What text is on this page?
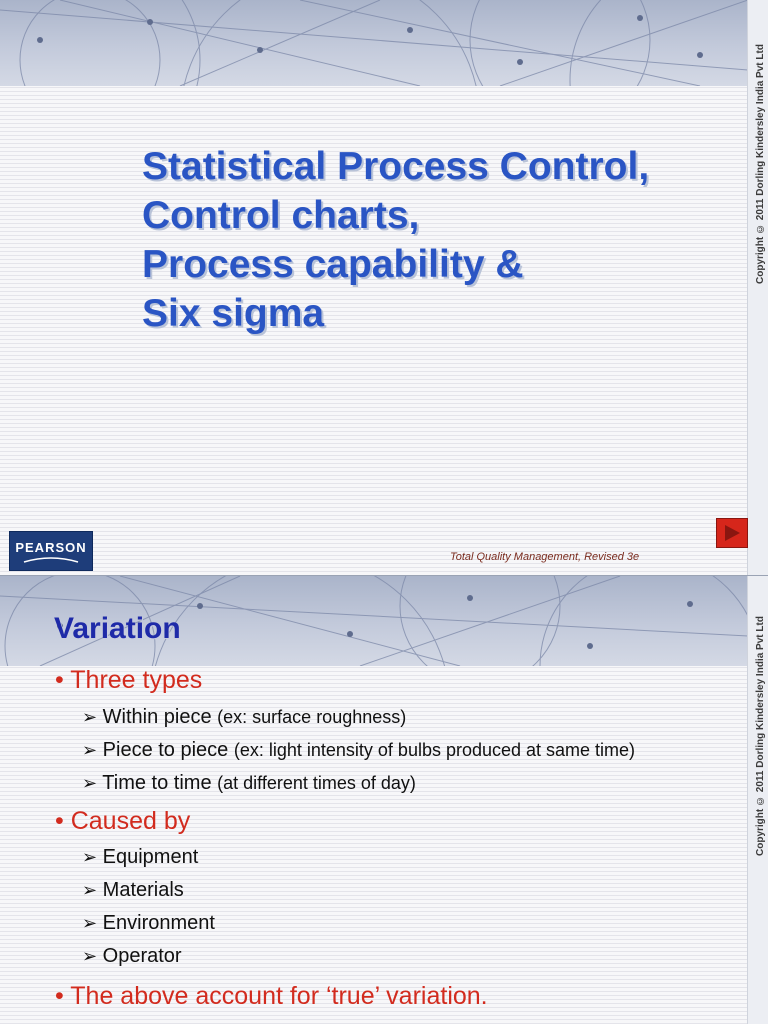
Copyright © 2011 Dorling Kindersley India Pvt Ltd
Statistical Process Control,
Control charts,
Process capability &
Six sigma
PEARSON
Total Quality Management, Revised 3e
Copyright © 2011 Dorling Kindersley India Pvt Ltd
Variation
• Three types
➢ Within piece (ex: surface roughness)
➢ Piece to piece (ex: light intensity of bulbs produced at same time)
➢ Time to time (at different times of day)
• Caused by
➢ Equipment
➢ Materials
➢ Environment
➢ Operator
• The above account for ‘true’ variation.
